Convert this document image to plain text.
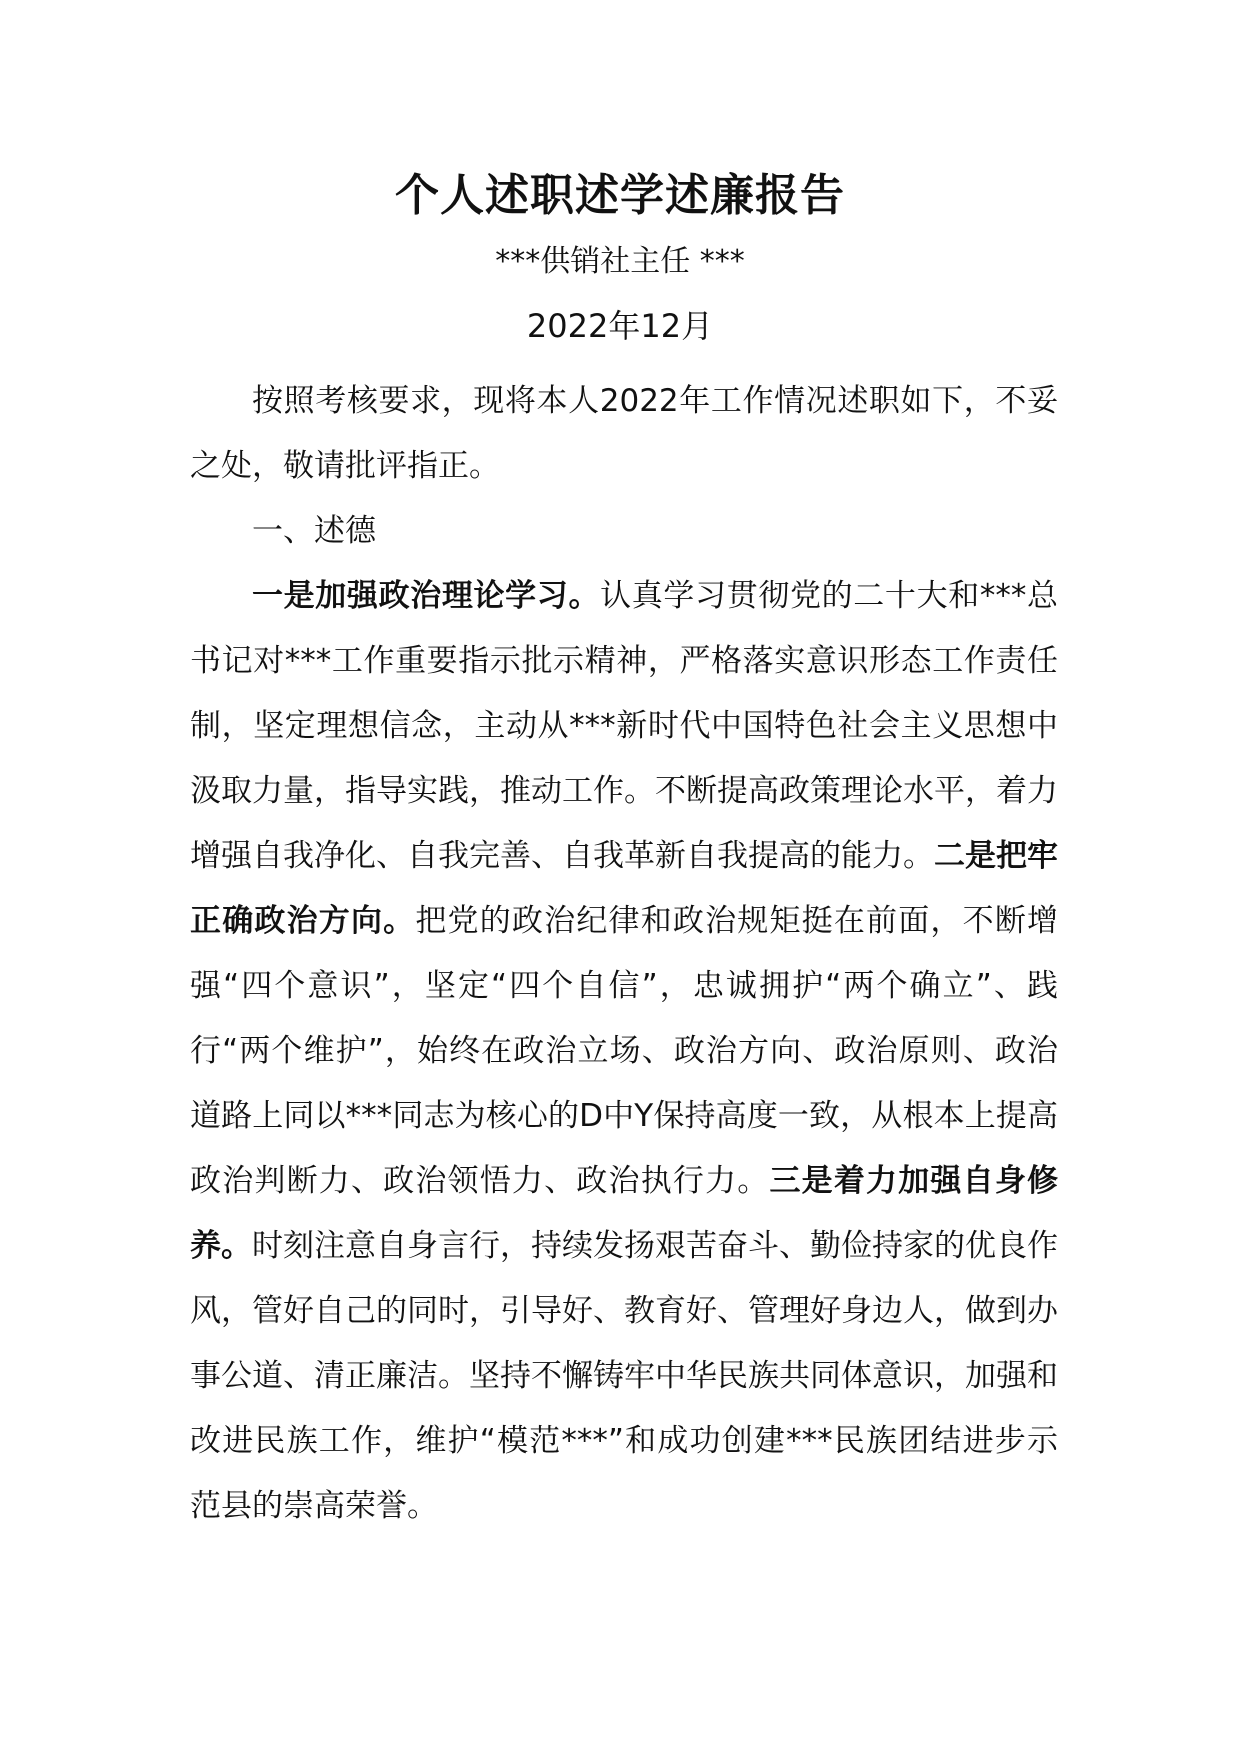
个人述职述学述廉报告
***供销社主任 ***
2022年12月

按照考核要求，现将本人2022年工作情况述职如下，不妥之处，敬请批评指正。

一、述德

一是加强政治理论学习。认真学习贯彻党的二十大和***总书记对***工作重要指示批示精神，严格落实意识形态工作责任制，坚定理想信念，主动从***新时代中国特色社会主义思想中汲取力量，指导实践，推动工作。不断提高政策理论水平，着力增强自我净化、自我完善、自我革新自我提高的能力。二是把牢正确政治方向。把党的政治纪律和政治规矩挺在前面，不断增强“四个意识”，坚定“四个自信”，忠诚拥护“两个确立”、践行“两个维护”，始终在政治立场、政治方向、政治原则、政治道路上同以***同志为核心的D中Y保持高度一致，从根本上提高政治判断力、政治领悟力、政治执行力。三是着力加强自身修养。时刻注意自身言行，持续发扬艰苦奋斗、勤俭持家的优良作风，管好自己的同时，引导好、教育好、管理好身边人，做到办事公道、清正廉洁。坚持不懈铸牢中华民族共同体意识，加强和改进民族工作，维护“模范***”和成功创建***民族团结进步示范县的崇高荣誉。
